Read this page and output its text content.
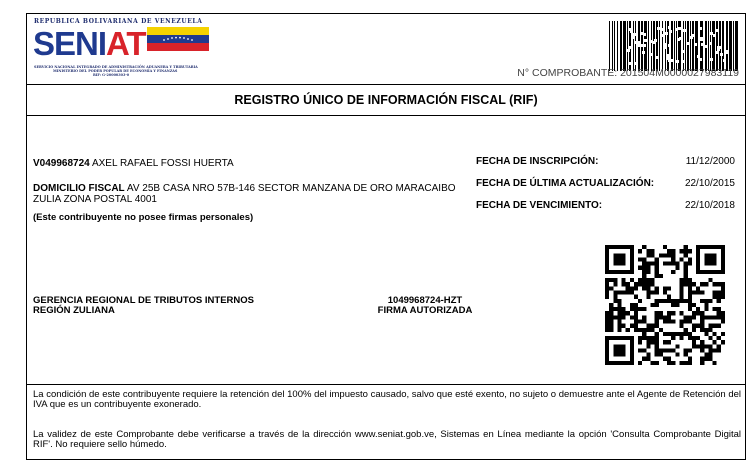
REPUBLICA BOLIVARIANA DE VENEZUELA
SENIAT
SERVICIO NACIONAL INTEGRADO DE ADMINISTRACIÓN ADUANERA Y TRIBUTARIA
MINISTERIO DEL PODER POPULAR DE ECONOMÍA Y FINANZAS
RIF: G-20000303-0	N° COMPROBANTE: 201504M0000027983119
REGISTRO ÚNICO DE INFORMACIÓN FISCAL (RIF)
V049968724 AXEL RAFAEL FOSSI HUERTA
DOMICILIO FISCAL AV 25B CASA NRO 57B-146 SECTOR MANZANA DE ORO MARACAIBO ZULIA ZONA POSTAL 4001
(Este contribuyente no posee firmas personales)
FECHA DE INSCRIPCIÓN:	11/12/2000
FECHA DE ÚLTIMA ACTUALIZACIÓN:	22/10/2015
FECHA DE VENCIMIENTO:	22/10/2018
GERENCIA REGIONAL DE TRIBUTOS INTERNOS
REGIÓN ZULIANA
1049968724-HZT
FIRMA AUTORIZADA
La condición de este contribuyente requiere la retención del 100% del impuesto causado, salvo que esté exento, no sujeto o demuestre ante el Agente de Retención del IVA que es un contribuyente exonerado.
La validez de este Comprobante debe verificarse a través de la dirección www.seniat.gob.ve, Sistemas en Línea mediante la opción 'Consulta Comprobante Digital RIF'. No requiere sello húmedo.
